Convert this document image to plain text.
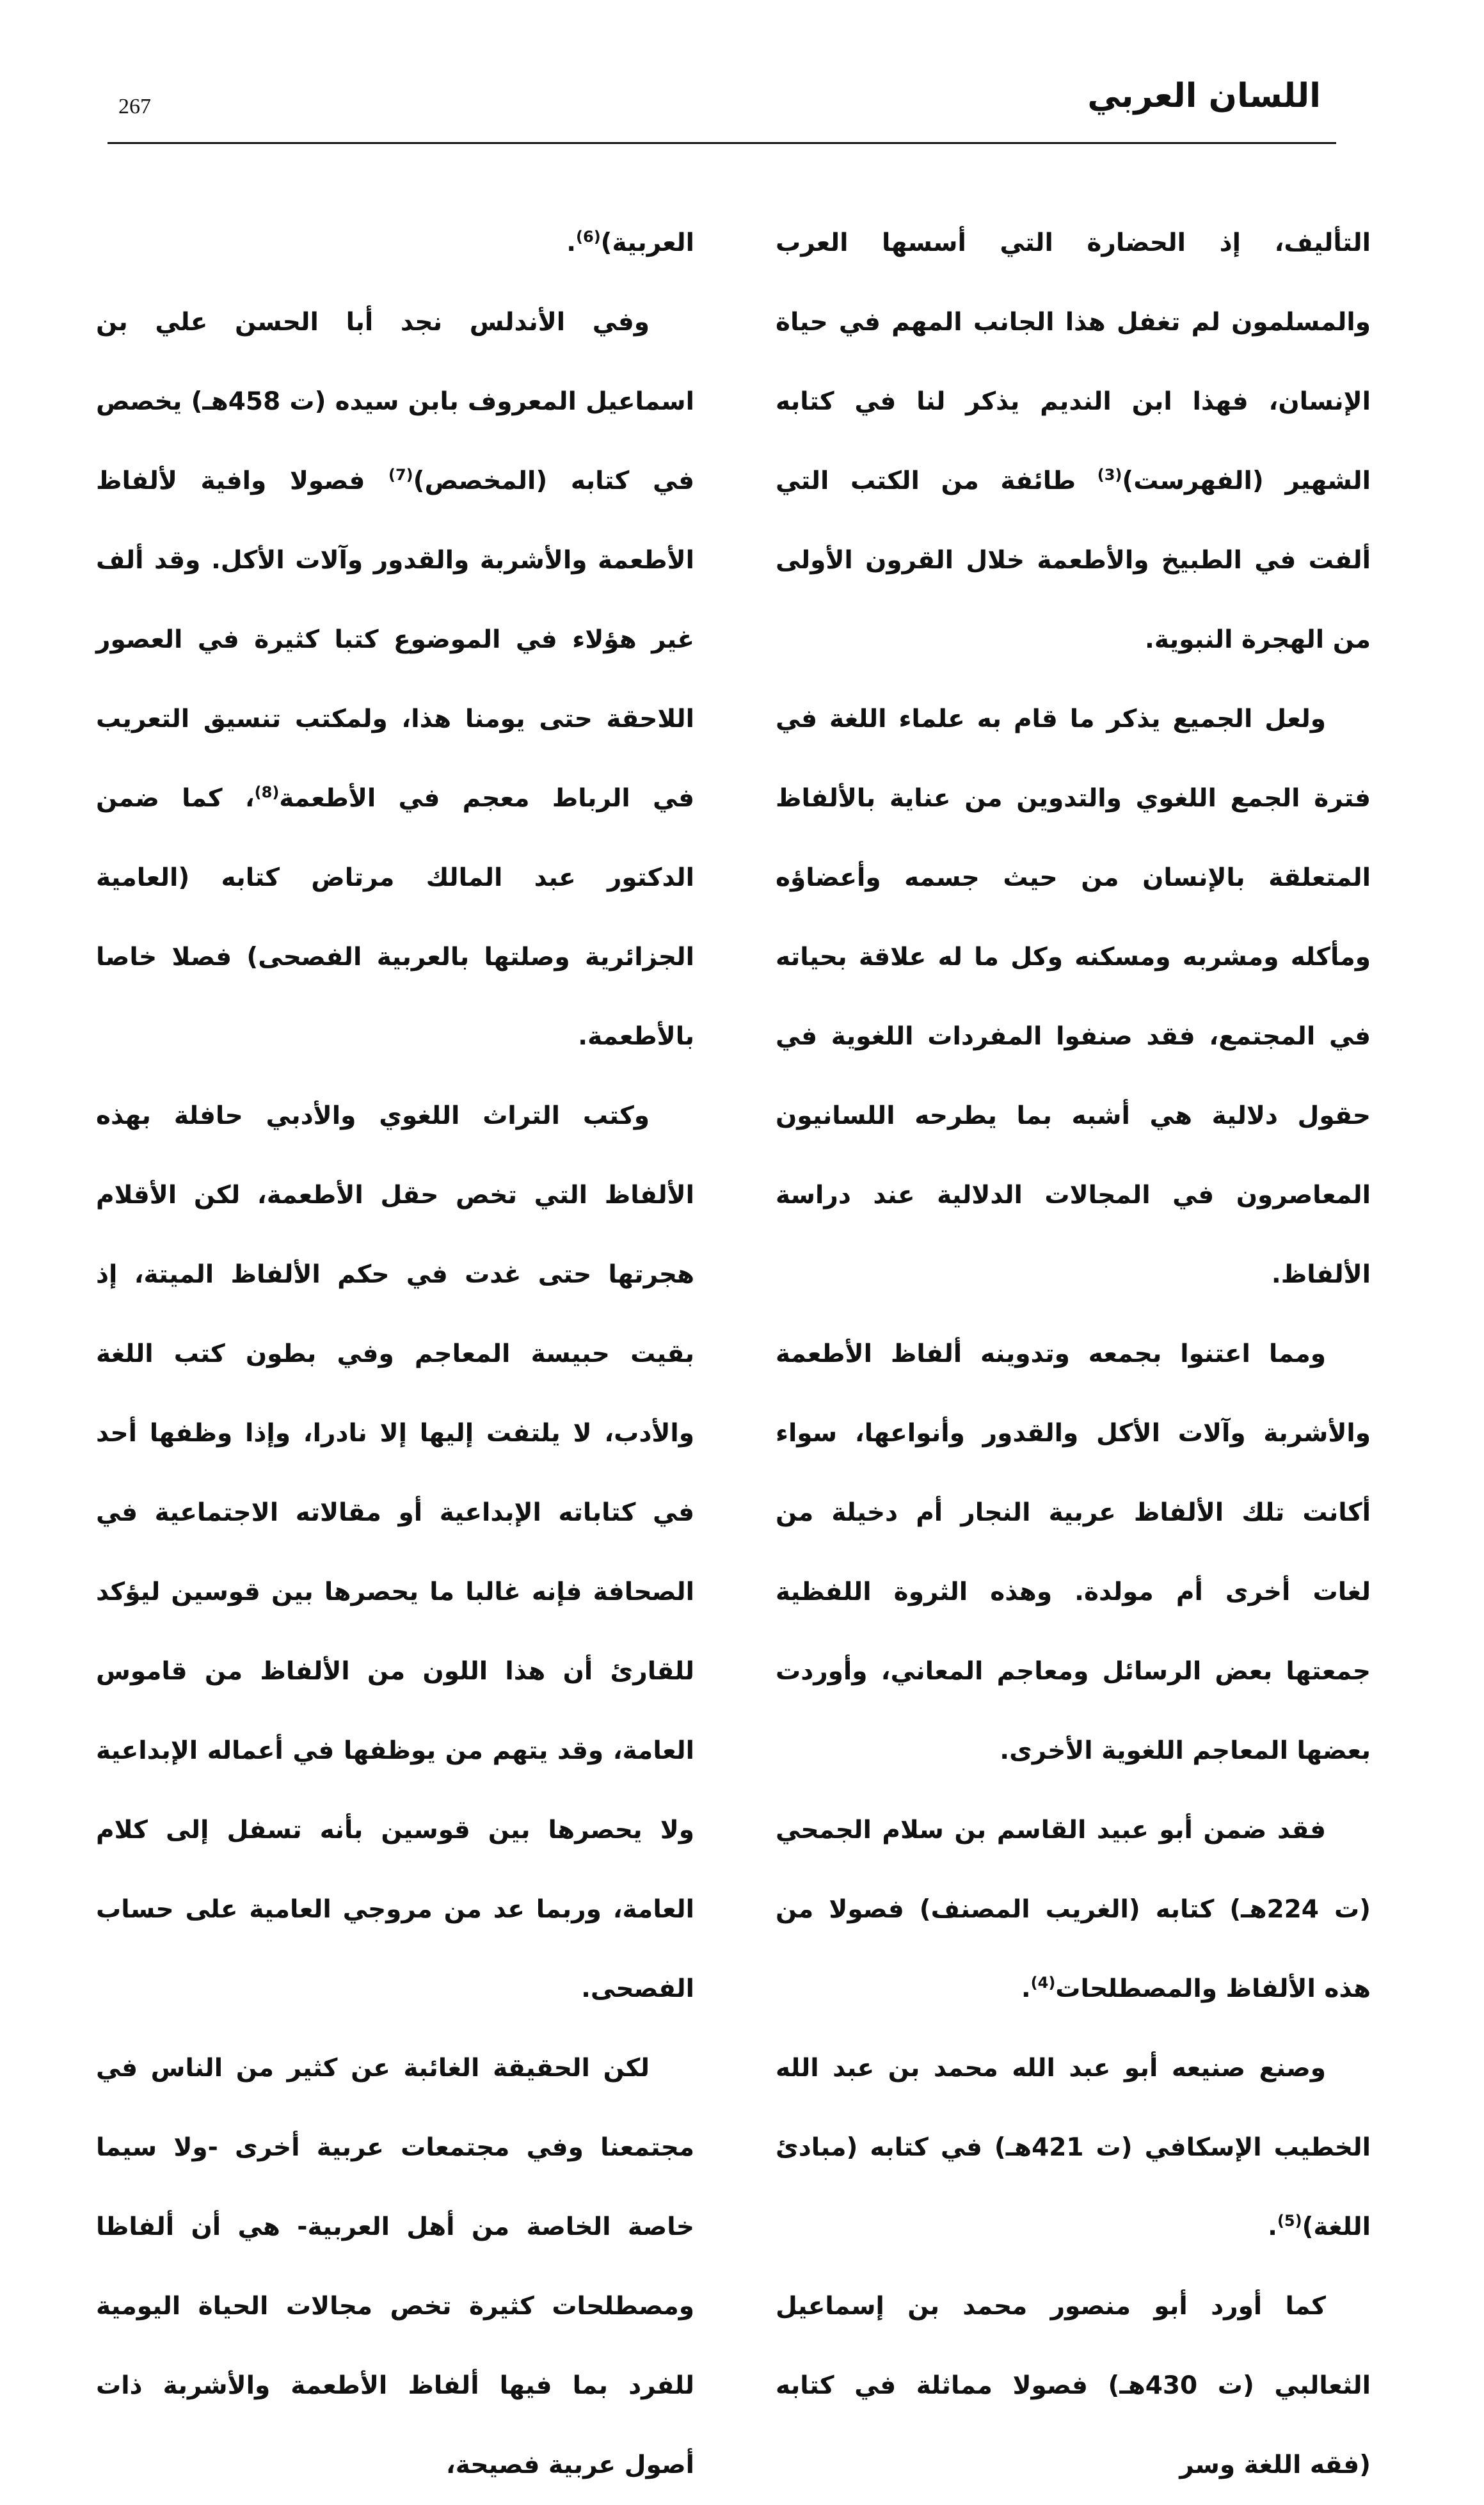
267	اللسان العربي

التأليف، إذ الحضارة التي أسسها العرب والمسلمون لم تغفل هذا الجانب المهم في حياة الإنسان، فهذا ابن النديم يذكر لنا في كتابه الشهير (الفهرست)$^{(3)}$ طائفة من الكتب التي ألفت في الطبيخ والأطعمة خلال القرون الأولى من الهجرة النبوية.

ولعل الجميع يذكر ما قام به علماء اللغة في فترة الجمع اللغوي والتدوين من عناية بالألفاظ المتعلقة بالإنسان من حيث جسمه وأعضاؤه ومأكله ومشربه ومسكنه وكل ما له علاقة بحياته في المجتمع، فقد صنفوا المفردات اللغوية في حقول دلالية هي أشبه بما يطرحه اللسانيون المعاصرون في المجالات الدلالية عند دراسة الألفاظ.

ومما اعتنوا بجمعه وتدوينه ألفاظ الأطعمة والأشربة وآلات الأكل والقدور وأنواعها، سواء أكانت تلك الألفاظ عربية النجار أم دخيلة من لغات أخرى أم مولدة. وهذه الثروة اللفظية جمعتها بعض الرسائل ومعاجم المعاني، وأوردت بعضها المعاجم اللغوية الأخرى.

فقد ضمن أبو عبيد القاسم بن سلام الجمحي (ت 224هـ) كتابه (الغريب المصنف) فصولا من هذه الألفاظ والمصطلحات$^{(4)}$.

وصنع صنيعه أبو عبد الله محمد بن عبد الله الخطيب الإسكافي (ت 421هـ) في كتابه (مبادئ اللغة)$^{(5)}$.

كما أورد أبو منصور محمد بن إسماعيل الثعالبي (ت 430هـ) فصولا مماثلة في كتابه (فقه اللغة وسر

العربية)$^{(6)}$.

وفي الأندلس نجد أبا الحسن علي بن اسماعيل المعروف بابن سيده (ت 458هـ) يخصص في كتابه (المخصص)$^{(7)}$ فصولا وافية لألفاظ الأطعمة والأشربة والقدور وآلات الأكل. وقد ألف غير هؤلاء في الموضوع كتبا كثيرة في العصور اللاحقة حتى يومنا هذا، ولمكتب تنسيق التعريب في الرباط معجم في الأطعمة$^{(8)}$، كما ضمن الدكتور عبد المالك مرتاض كتابه (العامية الجزائرية وصلتها بالعربية الفصحى) فصلا خاصا بالأطعمة.

وكتب التراث اللغوي والأدبي حافلة بهذه الألفاظ التي تخص حقل الأطعمة، لكن الأقلام هجرتها حتى غدت في حكم الألفاظ الميتة، إذ بقيت حبيسة المعاجم وفي بطون كتب اللغة والأدب، لا يلتفت إليها إلا نادرا، وإذا وظفها أحد في كتاباته الإبداعية أو مقالاته الاجتماعية في الصحافة فإنه غالبا ما يحصرها بين قوسين ليؤكد للقارئ أن هذا اللون من الألفاظ من قاموس العامة، وقد يتهم من يوظفها في أعماله الإبداعية ولا يحصرها بين قوسين بأنه تسفل إلى كلام العامة، وربما عد من مروجي العامية على حساب الفصحى.

لكن الحقيقة الغائبة عن كثير من الناس في مجتمعنا وفي مجتمعات عربية أخرى -ولا سيما خاصة الخاصة من أهل العربية- هي أن ألفاظا ومصطلحات كثيرة تخص مجالات الحياة اليومية للفرد بما فيها ألفاظ الأطعمة والأشربة ذات أصول عربية فصيحة،
